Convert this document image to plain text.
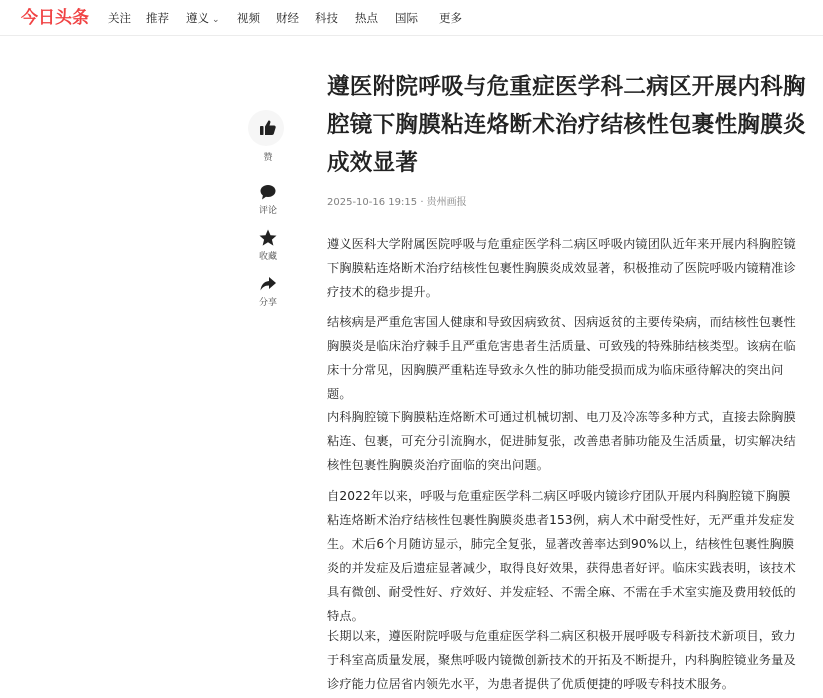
今日头条 关注 推荐 遵义 ⌄ 视频 财经 科技 热点 国际 更多
赞
评论
收藏
分享
遵医附院呼吸与危重症医学科二病区开展内科胸腔镜下胸膜粘连烙断术治疗结核性包裹性胸膜炎成效显著
2025-10-16 19:15 · 贵州画报

遵义医科大学附属医院呼吸与危重症医学科二病区呼吸内镜团队近年来开展内科胸腔镜下胸膜粘连烙断术治疗结核性包裹性胸膜炎成效显著，积极推动了医院呼吸内镜精准诊疗技术的稳步提升。

结核病是严重危害国人健康和导致因病致贫、因病返贫的主要传染病，而结核性包裹性胸膜炎是临床治疗棘手且严重危害患者生活质量、可致残的特殊肺结核类型。该病在临床十分常见，因胸膜严重粘连导致永久性的肺功能受损而成为临床亟待解决的突出问题。

内科胸腔镜下胸膜粘连烙断术可通过机械切割、电刀及冷冻等多种方式，直接去除胸膜粘连、包裹，可充分引流胸水，促进肺复张，改善患者肺功能及生活质量，切实解决结核性包裹性胸膜炎治疗面临的突出问题。

自2022年以来，呼吸与危重症医学科二病区呼吸内镜诊疗团队开展内科胸腔镜下胸膜粘连烙断术治疗结核性包裹性胸膜炎患者153例，病人术中耐受性好，无严重并发症发生。术后6个月随访显示，肺完全复张，显著改善率达到90%以上，结核性包裹性胸膜炎的并发症及后遗症显著减少，取得良好效果，获得患者好评。临床实践表明，该技术具有微创、耐受性好、疗效好、并发症轻、不需全麻、不需在手术室实施及费用较低的特点。

长期以来，遵医附院呼吸与危重症医学科二病区积极开展呼吸专科新技术新项目，致力于科室高质量发展，聚焦呼吸内镜微创新技术的开拓及不断提升，内科胸腔镜业务量及诊疗能力位居省内领先水平，为患者提供了优质便捷的呼吸专科技术服务。
